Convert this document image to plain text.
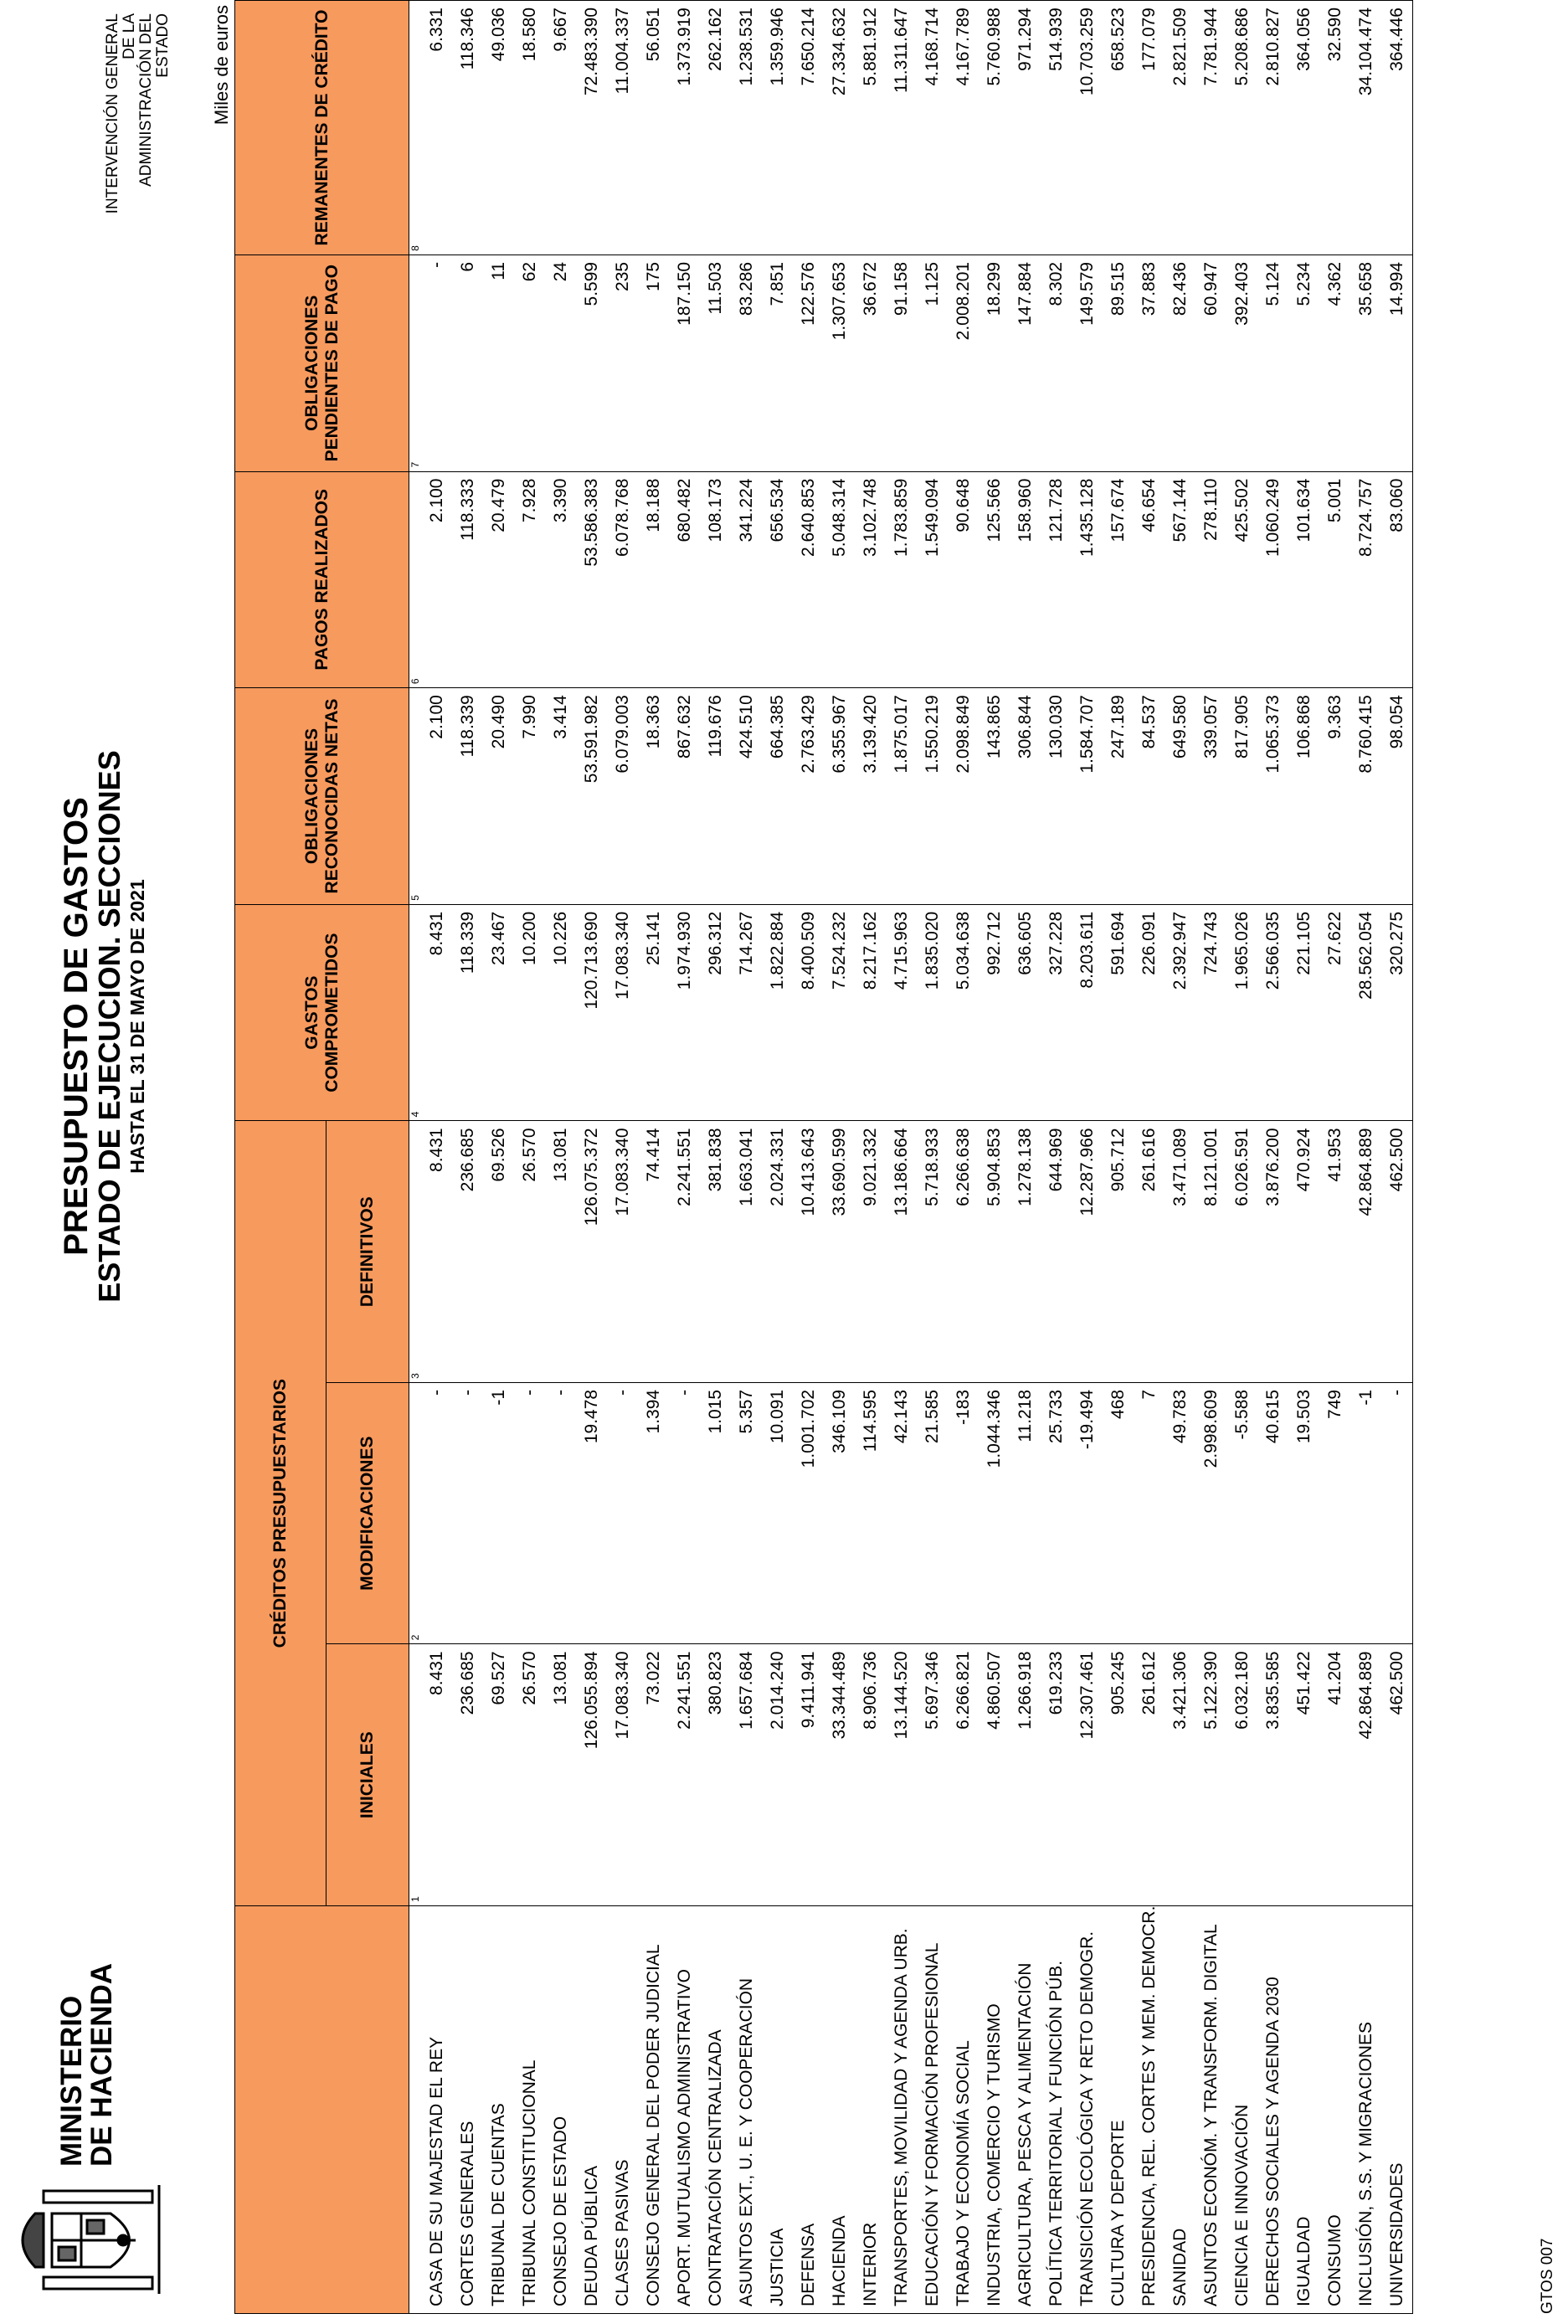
MINISTERIO
DE HACIENDA
PRESUPUESTO DE GASTOS
ESTADO DE EJECUCION. SECCIONES HASTA EL 31 DE MAYO DE 2021
INTERVENCIÓN GENERAL DE LA ADMINISTRACIÓN DEL ESTADO Miles de euros
	CRÉDITOS PRESUPUESTARIOS			GASTOS COMPROMETIDOS	OBLIGACIONES RECONOCIDAS NETAS	PAGOS REALIZADOS	OBLIGACIONES PENDIENTES DE PAGO	REMANENTES DE CRÉDITO
	INICIALES	MODIFICACIONES	DEFINITIVOS					
	1	2	3	4	5	6	7	8
CASA DE SU MAJESTAD EL REY	8.431	-	8.431	8.431	2.100	2.100	-	6.331
CORTES GENERALES	236.685	-	236.685	118.339	118.339	118.333	6	118.346
TRIBUNAL DE CUENTAS	69.527	-1	69.526	23.467	20.490	20.479	11	49.036
TRIBUNAL CONSTITUCIONAL	26.570	-	26.570	10.200	7.990	7.928	62	18.580
CONSEJO DE ESTADO	13.081	-	13.081	10.226	3.414	3.390	24	9.667
DEUDA PÚBLICA	126.055.894	19.478	126.075.372	120.713.690	53.591.982	53.586.383	5.599	72.483.390
CLASES PASIVAS	17.083.340	-	17.083.340	17.083.340	6.079.003	6.078.768	235	11.004.337
CONSEJO GENERAL DEL PODER JUDICIAL	73.022	1.394	74.414	25.141	18.363	18.188	175	56.051
APORT. MUTUALISMO ADMINISTRATIVO	2.241.551	-	2.241.551	1.974.930	867.632	680.482	187.150	1.373.919
CONTRATACIÓN CENTRALIZADA	380.823	1.015	381.838	296.312	119.676	108.173	11.503	262.162
ASUNTOS EXT., U. E. Y COOPERACIÓN	1.657.684	5.357	1.663.041	714.267	424.510	341.224	83.286	1.238.531
JUSTICIA	2.014.240	10.091	2.024.331	1.822.884	664.385	656.534	7.851	1.359.946
DEFENSA	9.411.941	1.001.702	10.413.643	8.400.509	2.763.429	2.640.853	122.576	7.650.214
HACIENDA	33.344.489	346.109	33.690.599	7.524.232	6.355.967	5.048.314	1.307.653	27.334.632
INTERIOR	8.906.736	114.595	9.021.332	8.217.162	3.139.420	3.102.748	36.672	5.881.912
TRANSPORTES, MOVILIDAD Y AGENDA URB.	13.144.520	42.143	13.186.664	4.715.963	1.875.017	1.783.859	91.158	11.311.647
EDUCACIÓN Y FORMACIÓN PROFESIONAL	5.697.346	21.585	5.718.933	1.835.020	1.550.219	1.549.094	1.125	4.168.714
TRABAJO Y ECONOMÍA SOCIAL	6.266.821	-183	6.266.638	5.034.638	2.098.849	90.648	2.008.201	4.167.789
INDUSTRIA, COMERCIO Y TURISMO	4.860.507	1.044.346	5.904.853	992.712	143.865	125.566	18.299	5.760.988
AGRICULTURA, PESCA Y ALIMENTACIÓN	1.266.918	11.218	1.278.138	636.605	306.844	158.960	147.884	971.294
POLÍTICA TERRITORIAL Y FUNCIÓN PÚB.	619.233	25.733	644.969	327.228	130.030	121.728	8.302	514.939
TRANSICIÓN ECOLÓGICA Y RETO DEMOGR.	12.307.461	-19.494	12.287.966	8.203.611	1.584.707	1.435.128	149.579	10.703.259
CULTURA Y DEPORTE	905.245	468	905.712	591.694	247.189	157.674	89.515	658.523
PRESIDENCIA, REL. CORTES Y MEM. DEMOCR.	261.612	7	261.616	226.091	84.537	46.654	37.883	177.079
SANIDAD	3.421.306	49.783	3.471.089	2.392.947	649.580	567.144	82.436	2.821.509
ASUNTOS ECONÓM. Y TRANSFORM. DIGITAL	5.122.390	2.998.609	8.121.001	724.743	339.057	278.110	60.947	7.781.944
CIENCIA E INNOVACIÓN	6.032.180	-5.588	6.026.591	1.965.026	817.905	425.502	392.403	5.208.686
DERECHOS SOCIALES Y AGENDA 2030	3.835.585	40.615	3.876.200	2.566.035	1.065.373	1.060.249	5.124	2.810.827
IGUALDAD	451.422	19.503	470.924	221.105	106.868	101.634	5.234	364.056
CONSUMO	41.204	749	41.953	27.622	9.363	5.001	4.362	32.590
INCLUSIÓN, S.S. Y MIGRACIONES	42.864.889	-1	42.864.889	28.562.054	8.760.415	8.724.757	35.658	34.104.474
UNIVERSIDADES	462.500	-	462.500	320.275	98.054	83.060	14.994	364.446
GTOS 007
